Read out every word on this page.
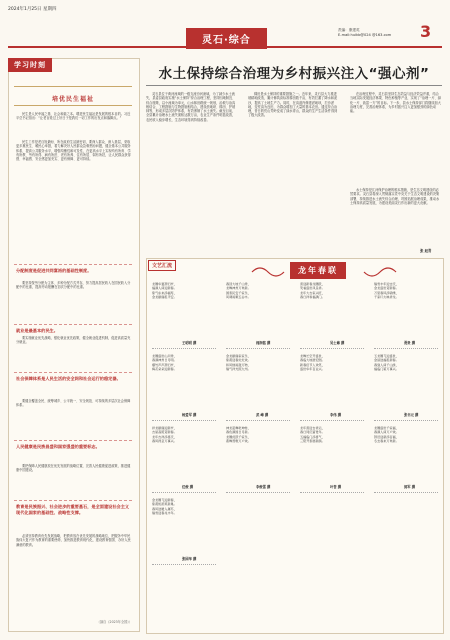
2024年1月25日 星期四
灵石·综合
责编：康建英
E-mail:huikb@024 @163.com 3
学习时刻
培优民生福祉
民生是人民幸福之基、社会和谐之本。增进民生福祉是发展的根本目的。习近平总书记指出：“让老百姓过上好日子是我们一切工作的出发点和落脚点。”
民生工作是老百姓最盼、所在政府生活最密切，要深入群众、深入基层，采取更多惠民生、暖民心举措，着力解决好人民群众急难愁盼问题，健全基本公共服务体系，提高公共服务水平，增强均衡性和可及性，在更高水平上实现幼有所育、学有所教、劳有所得、病有所医、老有所养、住有所居、弱有所扶，让人民群众获得感、幸福感、安全感更加充实、更有保障、更可持续。
分配制度是促进共同富裕的基础性制度。
要坚持按劳分配为主体、多种分配方式并存，努力提高居民收入在国民收入分配中的比重，提高劳动报酬在初次分配中的比重。
就业是最基本的民生。
要实施就业优先战略，强化就业优先政策，健全就业促进机制，促进高质量充分就业。
社会保障体系是人民生活的安全网和社会运行的稳定器。
要健全覆盖全民、统筹城乡、公平统一、安全规范、可持续的多层次社会保障体系。
人民健康是民族昌盛和国家强盛的重要标志。
要把保障人民健康放在优先发展的战略位置，完善人民健康促进政策，推进健康中国建设。
教育是民族振兴、社会进步的重要基石，是全面建设社会主义现代化国家的基础性、战略性支撑。
必须坚持教育优先发展战略，把教育放在优先发展的战略地位，把服务中华民族伟大复兴作为教育的重要使命，加快推进教育现代化，建设教育强国、办好人民满意的教育。
（摘自《2023年全国》）
水土保持综合治理为乡村振兴注入“强心剂”
灵石县位于黄河流域的一级支流汾河流域，为了减少水土流失，县委县政府实施“水土保持”综合治理工程，坚持因地制宜、综合施策，以小流域为单元，山水林田路统一规划，治坡与治沟相结合，工程措施与生物措施相结合，建设淤地坝、梯田、护坡林等，形成多层次防护体系，有效遏制了水土流失。截至目前，全县累计治理水土流失面积达数万亩，农业生产条件明显改善，农民收入稳步增长，生态环境得到持续改善。
梯田是水土保持的重要措施之一。近年来，灵石县大力推进坡耕地改造，累计修筑高标准梯田数千亩，有效拦蓄了降水和泥沙，提高了土地生产力。同时，在沟道内修建淤地坝，拦沙淤地，变荒沟为良田，为群众增加了大量的基本农田。通过综合治理，昔日的荒山秃岭变成了绿水青山，群众的生产生活条件得到了极大改善。
在治理过程中，灵石县坚持生态效益与经济效益并重，结合当地实际发展经济林果、特色种植等产业，实现了“治理一片、绿化一片、致富一方”的目标。下一步，县水土保持部门将继续加大治理力度，完善治理体系，为乡村振兴注入更加强劲的绿色动能。
水土保持是江河保护治理的根本措施，是生态文明建设的必然要求。灵石县将深入贯彻落实党中央关于生态文明建设的决策部署，持续推进水土流失综合治理，巩固拓展治理成果，推动水土保持高质量发展，为建设美丽灵石作出新的更大贡献。
张 赵青
文艺汇流	龙年春联
龙腾华夏辞旧岁，
福满人间迎新春。
紫气东来添福寿，
金龙献瑞报平安。
王明明 撰
春回大地千山秀，
龙舞神州万象新。
国泰民安千家乐，
风调雨顺五谷丰。
阎润铭 撰
喜迎新春龙腾跃，
笑看盛世凤呈祥。
龙年大吉家兴旺，
春日祥和福满门。
吴士雄 撰
瑞雪丰年迎吉庆，
金龙盛世贺新春。
万里春风添锦绣，
千家灯火映祥龙。
贾贵 撰
龙腾盛世山河秀，
春满神州日月明。
爆竹声声辞旧岁，
梅花朵朵迎新春。
杨爱军 撰
金龙献瑞家家乐，
紫燕迎春处处欢。
和风细雨滋万物，
瑞气祥光照九州。
武 峰 撰
龙舞长空开盛世，
春临大地展宏图。
新春佳节人欢笑，
盛世华年百业兴。
李伟 撰
玉龙腾飞迎盛世，
金鼠送福报新春。
春到人间千山绿，
福临门第万事兴。
张书元 撰
祥龙献瑞迎新岁，
吉星高照贺新春。
龙年吉祥添喜庆，
春风得意万事兴。
任俊 撰
神龙起舞乾坤转，
春色满园日月新。
龙腾虎跃千家乐，
燕舞莺歌万户欢。
李俊雷 撰
龙年喜迎吉祥运，
春日同庆富贵年。
五福临门添喜气，
三阳开泰展新颜。
叶苍 撰
龙腾盛世千家福，
春满人间万户欢。
辞旧迎新添百福，
冬去春来万象新。
郭军 撰
金龙腾飞迎新春，
紫燕衔泥筑新巢。
春风送暖入屠苏，
瑞雪迎春兆丰年。
张国华 撰
